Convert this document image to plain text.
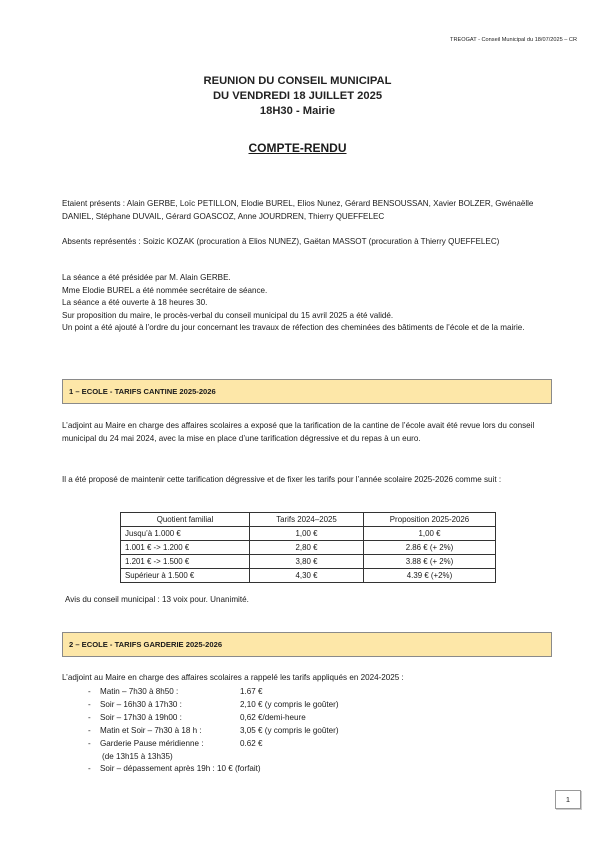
TREOGAT - Conseil Municipal du 18/07/2025 – CR
REUNION DU CONSEIL MUNICIPAL
DU VENDREDI 18 JUILLET 2025
18H30 - Mairie
COMPTE-RENDU

Etaient présents : Alain GERBE, Loïc PETILLON, Elodie BUREL, Elios Nunez, Gérard BENSOUSSAN, Xavier BOLZER, Gwénaëlle DANIEL, Stéphane DUVAIL, Gérard GOASCOZ, Anne JOURDREN, Thierry QUEFFELEC

Absents représentés : Soizic KOZAK (procuration à Elios NUNEZ), Gaëtan MASSOT (procuration à Thierry QUEFFELEC)

La séance a été présidée par M. Alain GERBE.

Mme Elodie BUREL a été nommée secrétaire de séance.

La séance a été ouverte à 18 heures 30.

Sur proposition du maire, le procès-verbal du conseil municipal du 15 avril 2025 a été validé.

Un point a été ajouté à l’ordre du jour concernant les travaux de réfection des cheminées des bâtiments de l’école et de la mairie.

1 – ECOLE - TARIFS CANTINE 2025-2026

L’adjoint au Maire en charge des affaires scolaires a exposé que la tarification de la cantine de l’école avait été revue lors du conseil municipal du 24 mai 2024, avec la mise en place d’une tarification dégressive et du repas à un euro.

Il a été proposé de maintenir cette tarification dégressive et de fixer les tarifs pour l’année scolaire 2025-2026 comme suit :

Quotient familial	Tarifs 2024–2025	Proposition 2025-2026
Jusqu’à 1.000 €	1,00 €	1,00 €
1.001 € -> 1.200 €	2,80 €	2.86 € (+ 2%)
1.201 € -> 1.500 €	3,80 €	3.88 € (+ 2%)
Supérieur à 1.500 €	4,30 €	4.39 € (+2%)

Avis du conseil municipal : 13 voix pour. Unanimité.

2 – ECOLE - TARIFS GARDERIE 2025-2026

L’adjoint au Maire en charge des affaires scolaires a rappelé les tarifs appliqués en 2024-2025 :

- Matin – 7h30 à 8h50 :	1.67 €
- Soir – 16h30 à 17h30 :	2,10 € (y compris le goûter)
- Soir – 17h30 à 19h00 :	0,62 €/demi-heure
- Matin et Soir – 7h30 à 18 h :	3,05 € (y compris le goûter)
- Garderie Pause méridienne :	0.62 €
(de 13h15 à 13h35)
- Soir – dépassement après 19h : 10 € (forfait)
1
